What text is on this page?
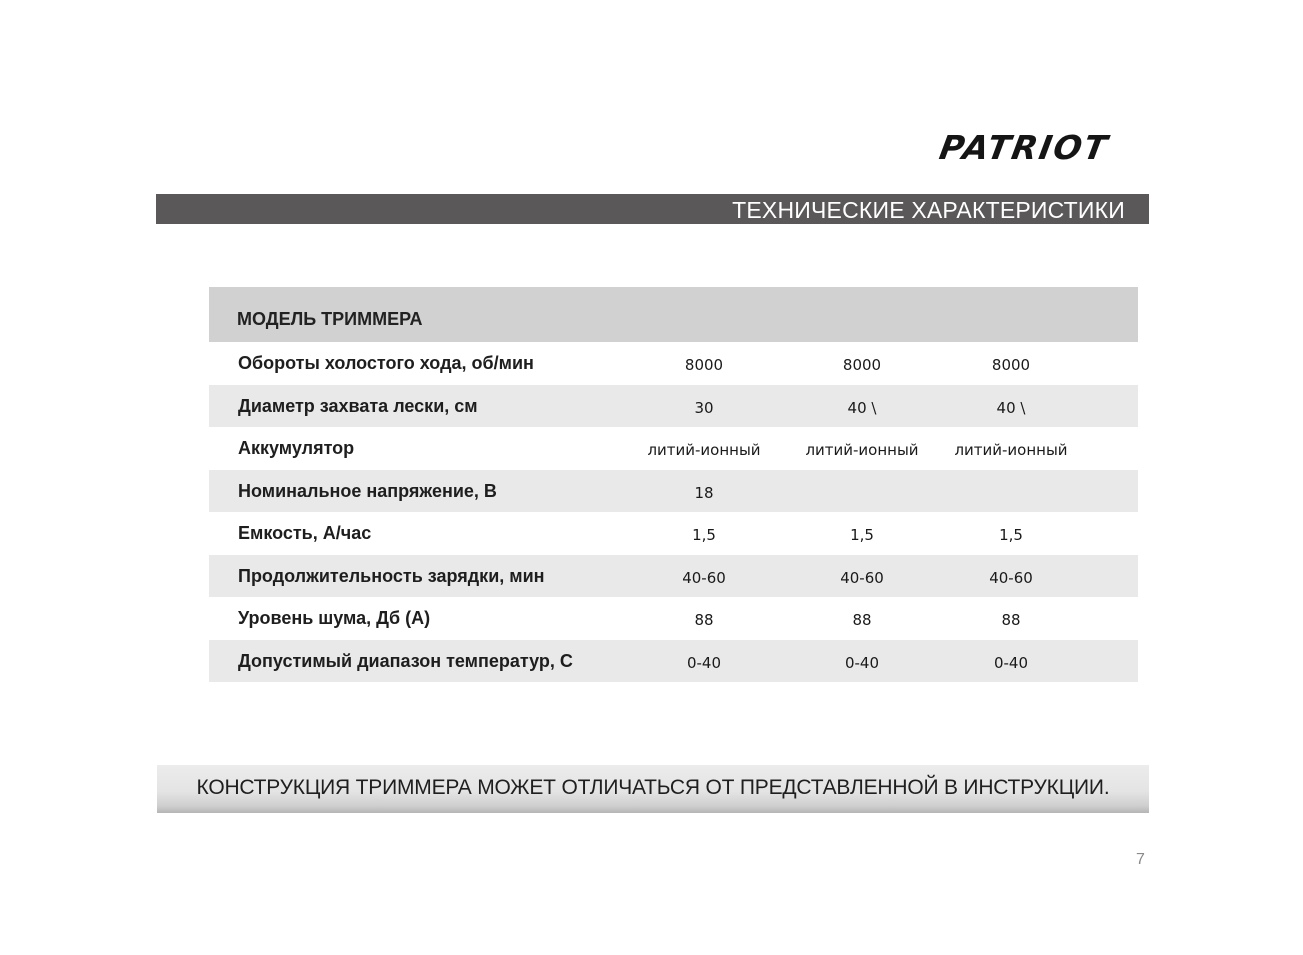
PATRIOT
ТЕХНИЧЕСКИЕ ХАРАКТЕРИСТИКИ
МОДЕЛЬ ТРИММЕРА
Обороты холостого хода, об/мин	8000	8000	8000
Диаметр захвата лески, см	30	40 \	40 \
Аккумулятор	литий-ионный	литий-ионный	литий-ионный
Номинальное напряжение, В	18
Емкость, А/час	1,5	1,5	1,5
Продолжительность зарядки, мин	40-60	40-60	40-60
Уровень шума, Дб (А)	88	88	88
Допустимый диапазон температур, С	0-40	0-40	0-40
КОНСТРУКЦИЯ ТРИММЕРА МОЖЕТ ОТЛИЧАТЬСЯ ОТ ПРЕДСТАВЛЕННОЙ В ИНСТРУКЦИИ.
7
